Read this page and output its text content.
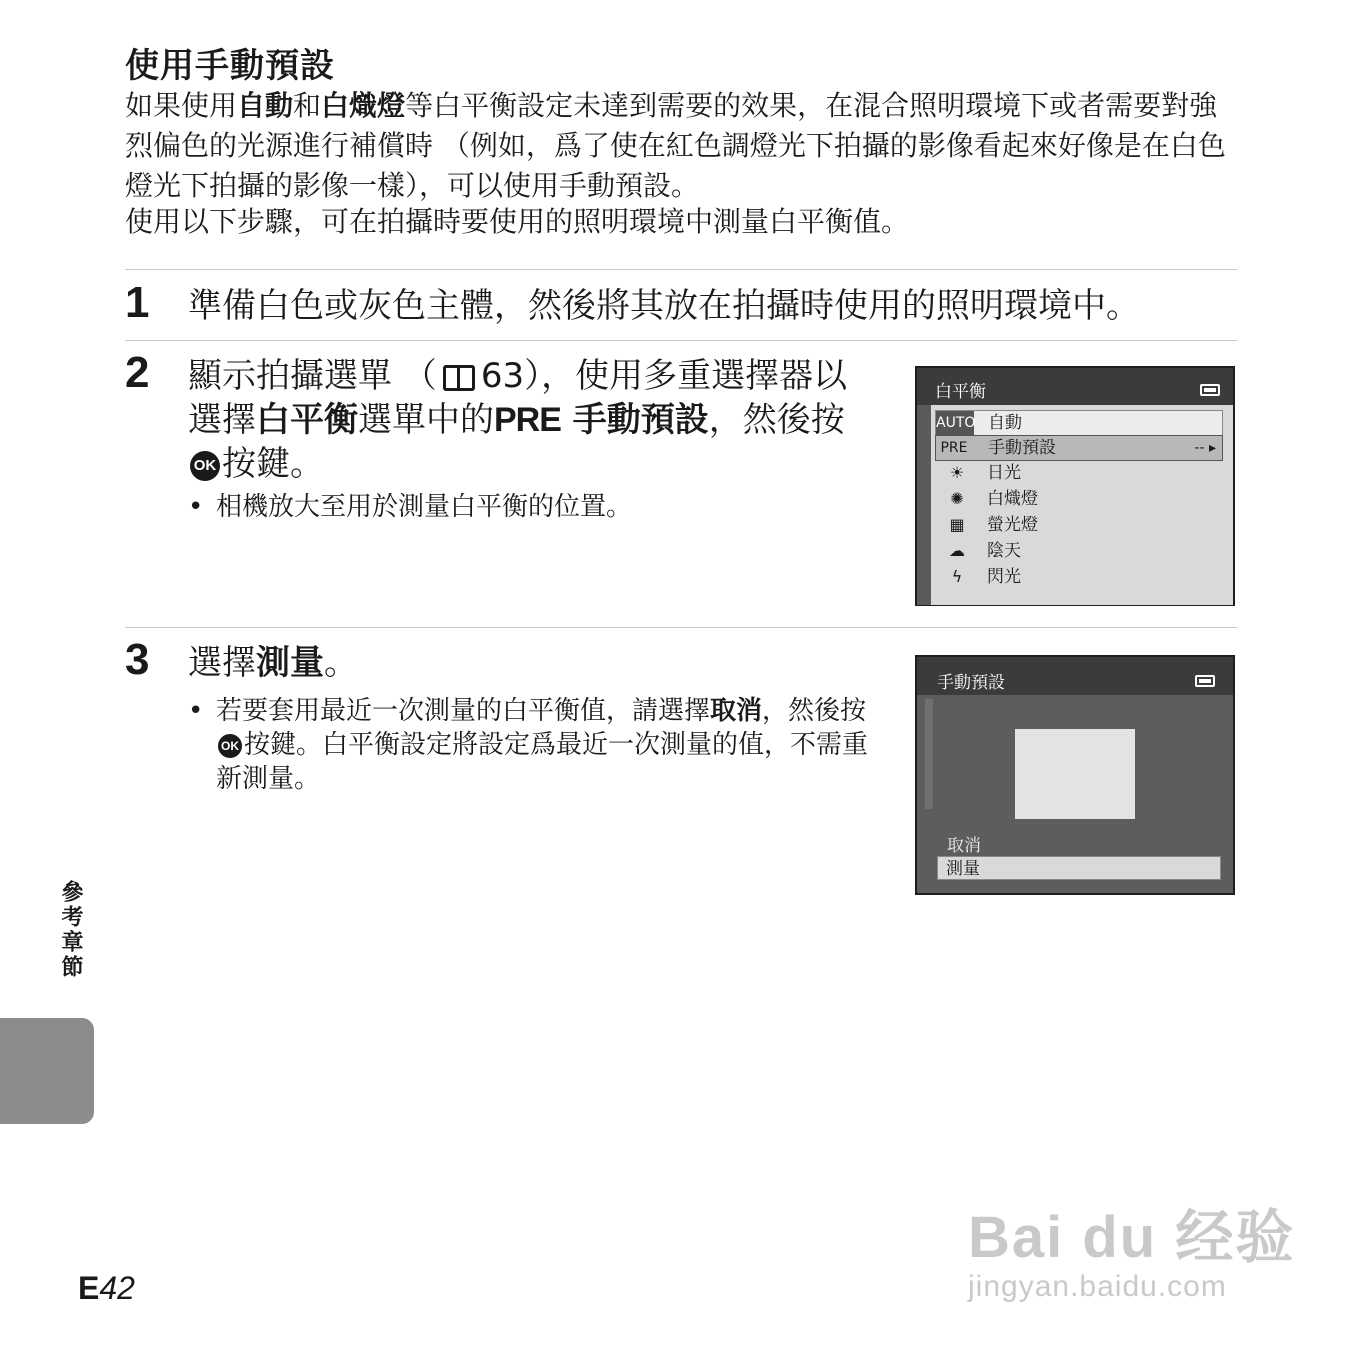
使用手動預設
如果使用自動和白熾燈等白平衡設定未達到需要的效果，在混合照明環境下或者需要對強烈偏色的光源進行補償時 （例如，爲了使在紅色調燈光下拍攝的影像看起來好像是在白色燈光下拍攝的影像一樣），可以使用手動預設。
使用以下步驟，可在拍攝時要使用的照明環境中測量白平衡值。
1 準備白色或灰色主體，然後將其放在拍攝時使用的照明環境中。
2 顯示拍攝選單 （ 63），使用多重選擇器以選擇白平衡選單中的PRE 手動預設，然後按OK 按鍵。
• 相機放大至用於測量白平衡的位置。
白平衡
AUTO 自動
PRE 手動預設	-- ▸
☀	日光
✺	白熾燈
▦	螢光燈
☁	陰天
ϟ	閃光
3 選擇測量。
• 若要套用最近一次測量的白平衡值，請選擇取消，然後按OK 按鍵。白平衡設定將設定爲最近一次測量的值，不需重新測量。
手動預設
取消
測量
參考章節
E42
Bai du 经验
jingyan.baidu.com
